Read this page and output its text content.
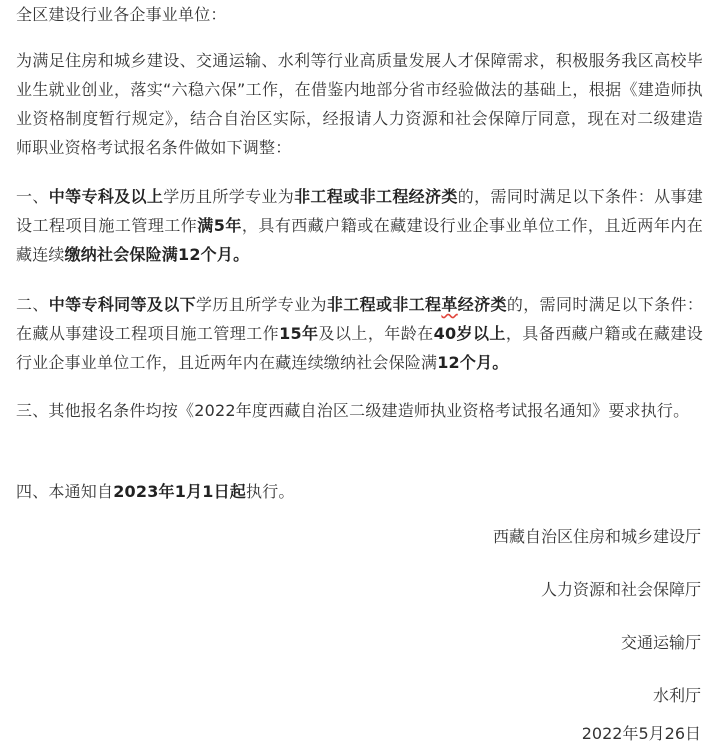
全区建设行业各企事业单位：

为满足住房和城乡建设、交通运输、水利等行业高质量发展人才保障需求，积极服务我区高校毕业生就业创业，落实“六稳六保”工作，在借鉴内地部分省市经验做法的基础上，根据《建造师执业资格制度暂行规定》，结合自治区实际，经报请人力资源和社会保障厅同意，现在对二级建造师职业资格考试报名条件做如下调整：

一、中等专科及以上学历且所学专业为非工程或非工程经济类的，需同时满足以下条件：从事建设工程项目施工管理工作满5年，具有西藏户籍或在藏建设行业企事业单位工作，且近两年内在藏连续缴纳社会保险满12个月。

二、中等专科同等及以下学历且所学专业为非工程或非工程革经济类的，需同时满足以下条件：在藏从事建设工程项目施工管理工作15年及以上，年龄在40岁以上，具备西藏户籍或在藏建设行业企事业单位工作，且近两年内在藏连续缴纳社会保险满12个月。

三、其他报名条件均按《2022年度西藏自治区二级建造师执业资格考试报名通知》要求执行。

四、本通知自2023年1月1日起执行。

西藏自治区住房和城乡建设厅
人力资源和社会保障厅
交通运输厅
水利厅
2022年5月26日
